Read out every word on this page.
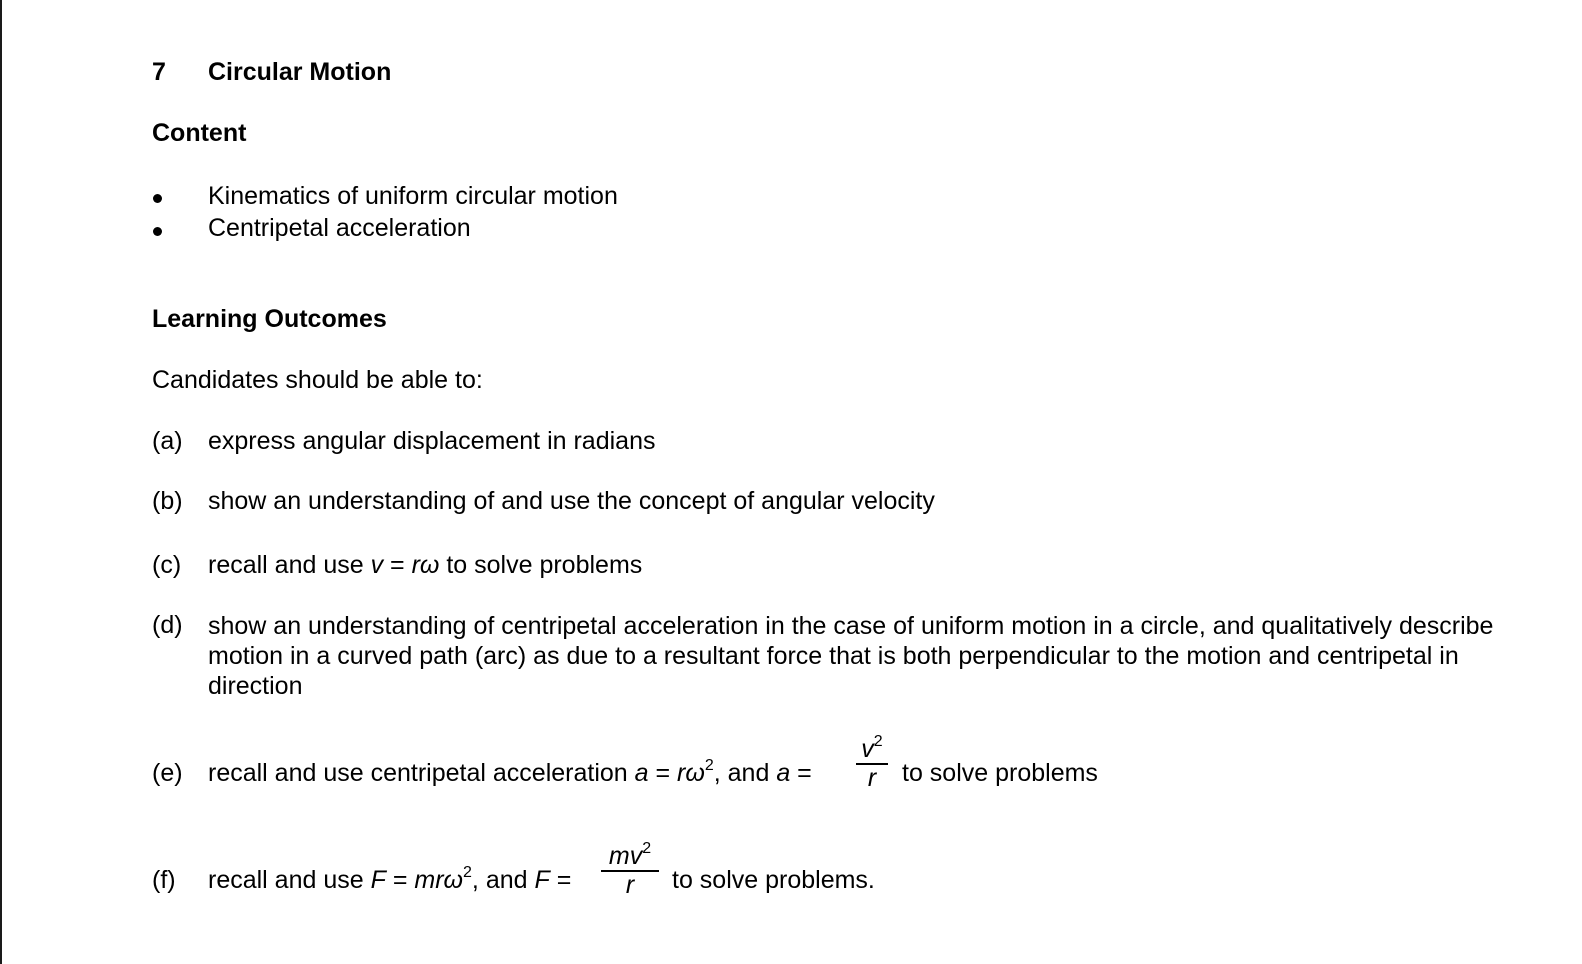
7 Circular Motion
Content
Kinematics of uniform circular motion
Centripetal acceleration
Learning Outcomes
Candidates should be able to:
(a) express angular displacement in radians
(b) show an understanding of and use the concept of angular velocity
(c) recall and use v = rω to solve problems
(d) show an understanding of centripetal acceleration in the case of uniform motion in a circle, and qualitatively describe motion in a curved path (arc) as due to a resultant force that is both perpendicular to the motion and centripetal in direction
(e) recall and use centripetal acceleration $a = r\omega^2$, and a =
$v^2$
r	to solve problems
(f) recall and use F = mrω$^2$, and F =
$mv^2$
r	to solve problems.
